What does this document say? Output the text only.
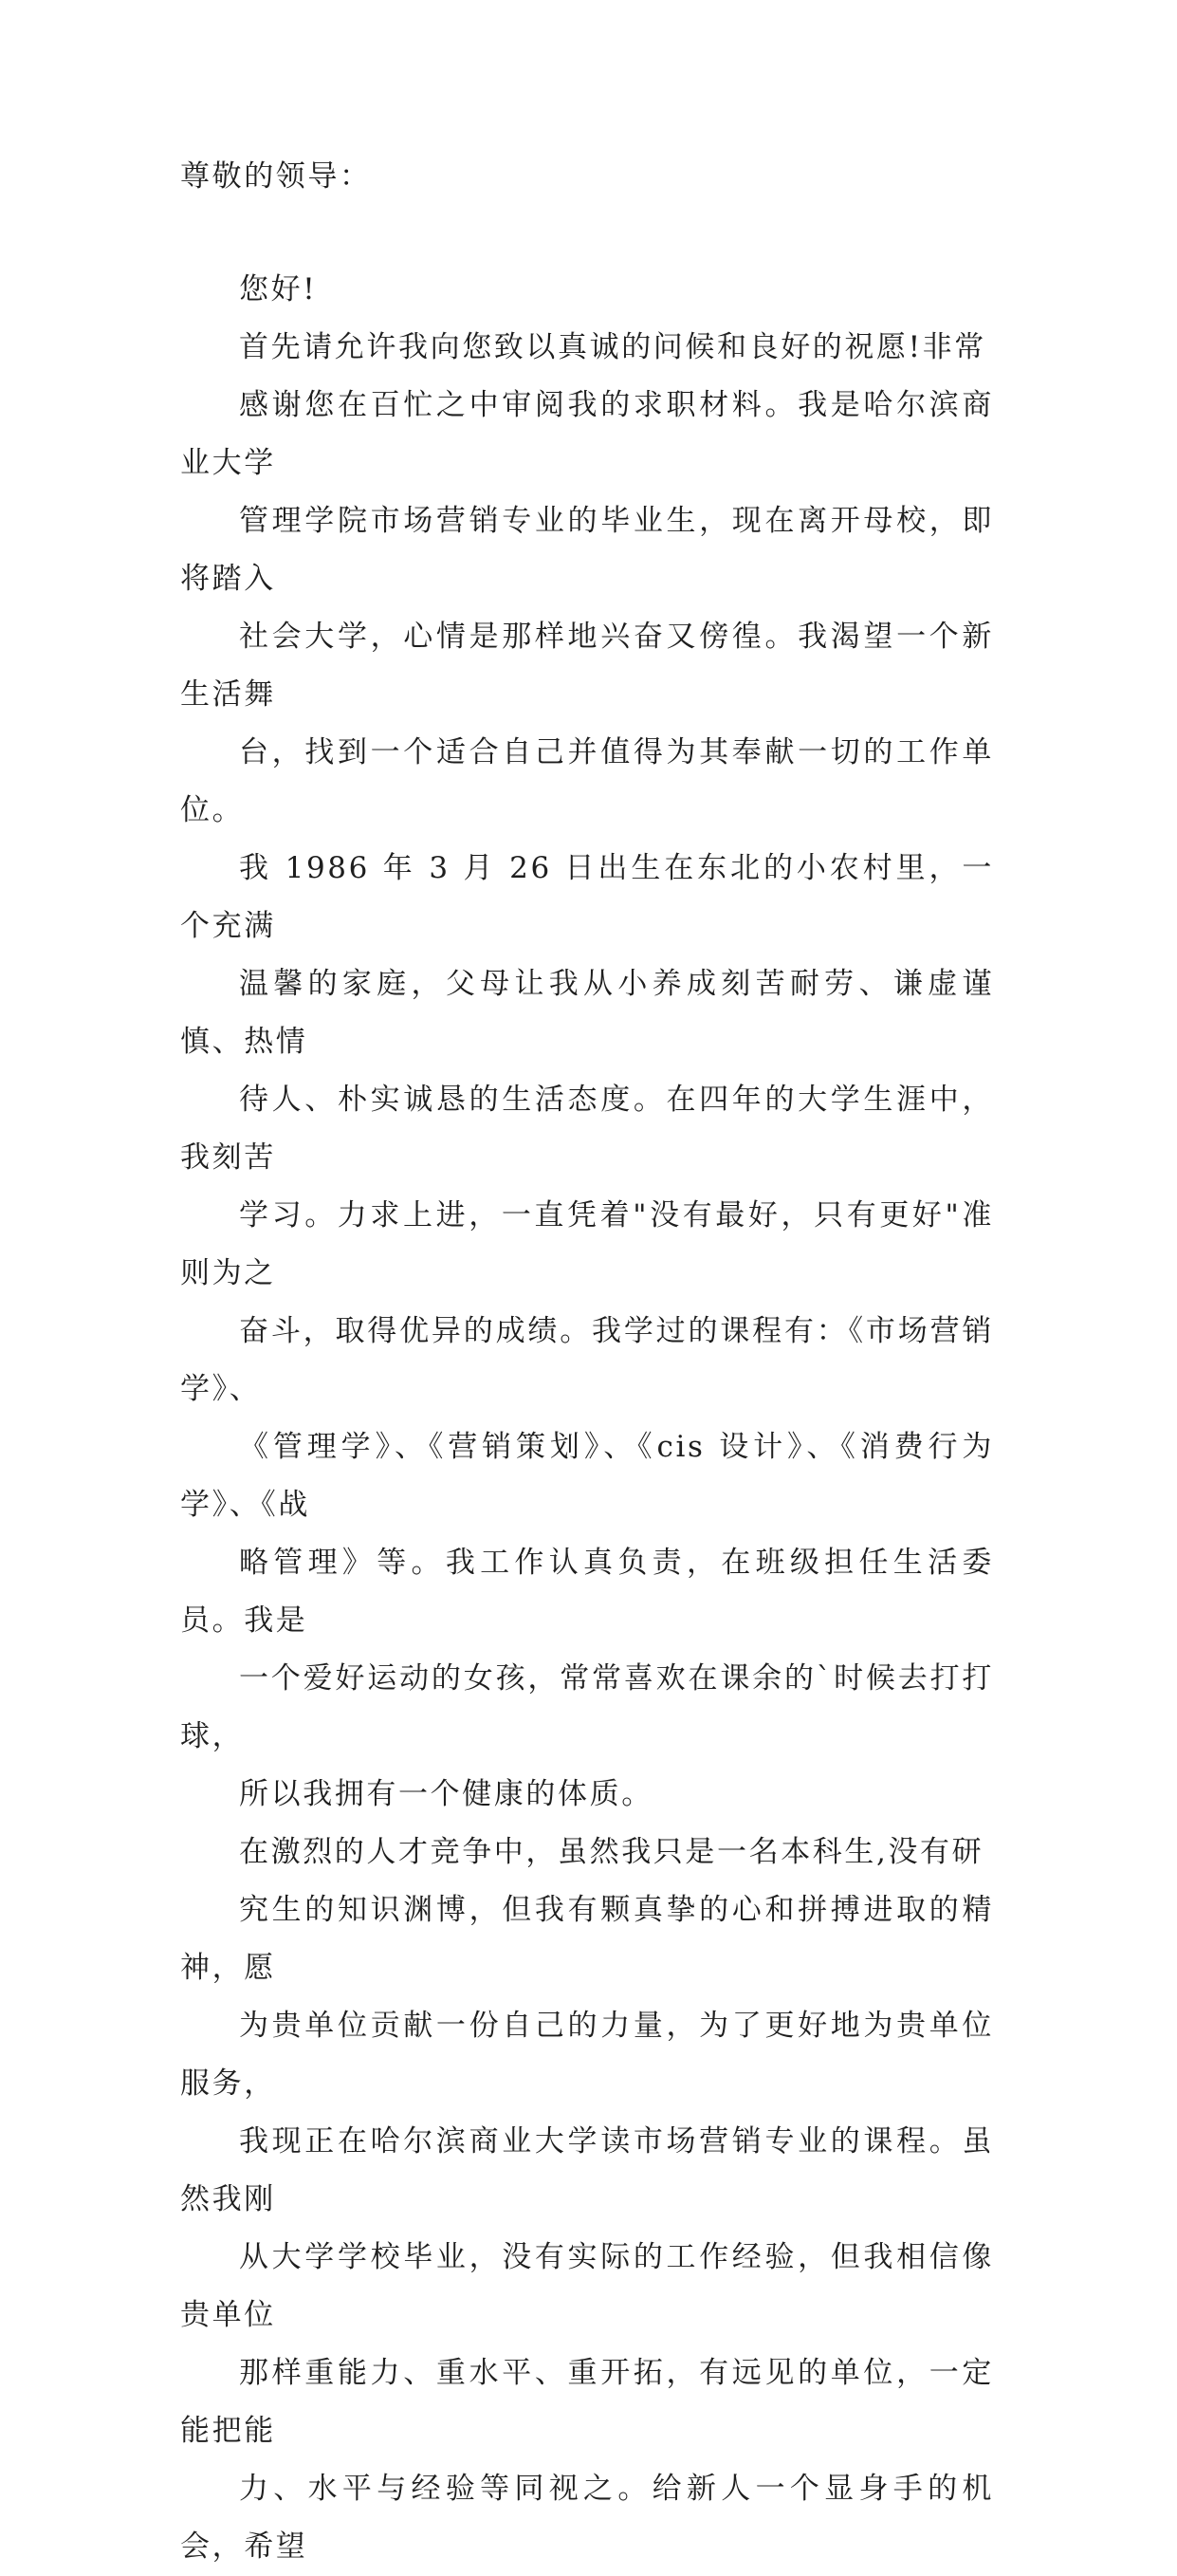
尊敬的领导：

您好!

首先请允许我向您致以真诚的问候和良好的祝愿!非常
感谢您在百忙之中审阅我的求职材料。我是哈尔滨商业大学
管理学院市场营销专业的毕业生，现在离开母校，即将踏入
社会大学，心情是那样地兴奋又傍徨。我渴望一个新生活舞
台，找到一个适合自己并值得为其奉献一切的工作单位。

我 1986 年 3 月 26 日出生在东北的小农村里，一个充满
温馨的家庭，父母让我从小养成刻苦耐劳、谦虚谨慎、热情
待人、朴实诚恳的生活态度。在四年的大学生涯中，我刻苦
学习。力求上进，一直凭着"没有最好，只有更好"准则为之
奋斗，取得优异的成绩。我学过的课程有：《市场营销学》、
《管理学》、《营销策划》、《cis 设计》、《消费行为学》、《战
略管理》等。我工作认真负责，在班级担任生活委员。我是
一个爱好运动的女孩，常常喜欢在课余的`时候去打打球，
所以我拥有一个健康的体质。

在激烈的人才竞争中，虽然我只是一名本科生,没有研
究生的知识渊博，但我有颗真挚的心和拼搏进取的精神，愿
为贵单位贡献一份自己的力量，为了更好地为贵单位服务，
我现正在哈尔滨商业大学读市场营销专业的课程。虽然我刚
从大学学校毕业，没有实际的工作经验，但我相信像贵单位
那样重能力、重水平、重开拓，有远见的单位，一定能把能
力、水平与经验等同视之。给新人一个显身手的机会，希望
